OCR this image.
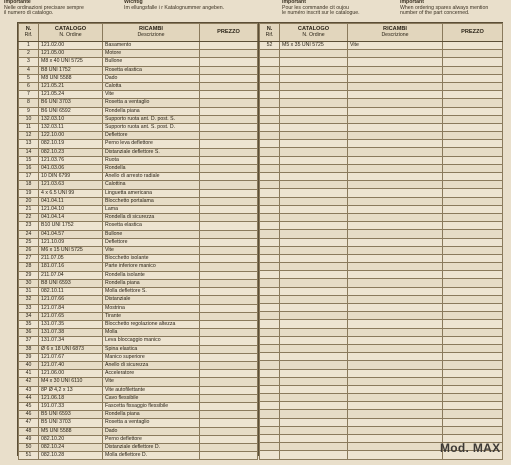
Importante
Nelle ordinazioni precisare sempre
il numero di catalogo.
Wichtig
Im ellungsfalle i r Katalognummer angeben.
Important
Pour les commande cit oujou
le numéro inscrit sur le catalogue.
Important
When ordering spares always mention
number of the part concerned.
N.
Rif.	CATALOGO
N. Ordine	RICAMBI
Descrizione	PREZZO

1	121.02.00	Basamento	
2	121.05.00	Motore	
3	M8 x 40 UNI 5725	Bullone	
4	B8 UNI 1752	Rosetta elastica	
5	M8 UNI 5588	Dado	
6	121.05.21	Calotta	
7	121.05.24	Vite	
8	B6 UNI 3703	Rosetta a ventaglio	
9	B6 UNI 6592	Rondella piana	
10	132.03.10	Supporto ruota ant. D. post. S.	
11	132.03.11	Supporto ruota ant. S. post. D.	
12	122.10.00	Deflettore	
13	082.10.19	Perno leva deflettore	
14	082.10.23	Distanziale deflettore S.	
15	121.03.76	Ruota	
16	041.03.06	Rondella	
17	10 DIN 6799	Anello di arresto radiale	
18	121.03.63	Calottina	
19	4 x 6.5 UNI 99	Linguetta americana	
20	041.04.11	Blocchetto portalama	
21	121.04.10	Lama	
22	041.04.14	Rondella di sicurezza	
23	B10 UNI 1752	Rosetta elastica	
24	041.04.57	Bullone	
25	121.10.09	Deflettore	
26	M6 x 15 UNI 5725	Vite	
27	211.07.05	Blocchetto isolante	
28	181.07.16	Parte inferiore manico	
29	211.07.04	Rondella isolante	
30	B8 UNI 6593	Rondella piana	
31	082.10.11	Molla deflettore S.	
32	121.07.66	Distanziale	
33	121.07.84	Mostrina	
34	121.07.65	Tirante	
35	131.07.35	Blocchetto regolazione altezza	
36	131.07.38	Molla	
37	131.07.34	Leva bloccaggio manico	
38	Ø 6 x 18 UNI 6873	Spina elastica	
39	121.07.67	Manico superiore	
40	121.07.40	Anello di sicurezza	
41	121.06.00	Acceleratore	
42	M4 x 30 UNI 6110	Vite	
43	8P Ø 4,2 x 13	Vite autofilettante	
44	121.06.18	Cavo flessibile	
45	191.07.33	Fascetta fissaggio flessibile	
46	B5 UNI 6593	Rondella piana	
47	B5 UNI 3703	Rosetta a ventaglio	
48	M5 UNI 5588	Dado	
49	082.10.20	Perno deflettore	
50	082.10.24	Distanziale deflettore D.	
51	082.10.28	Molla deflettore D.	
N.
Rif.	CATALOGO
N. Ordine	RICAMBI
Descrizione	PREZZO

52	M5 x 35 UNI 5725	Vite	

Mod. MAX
